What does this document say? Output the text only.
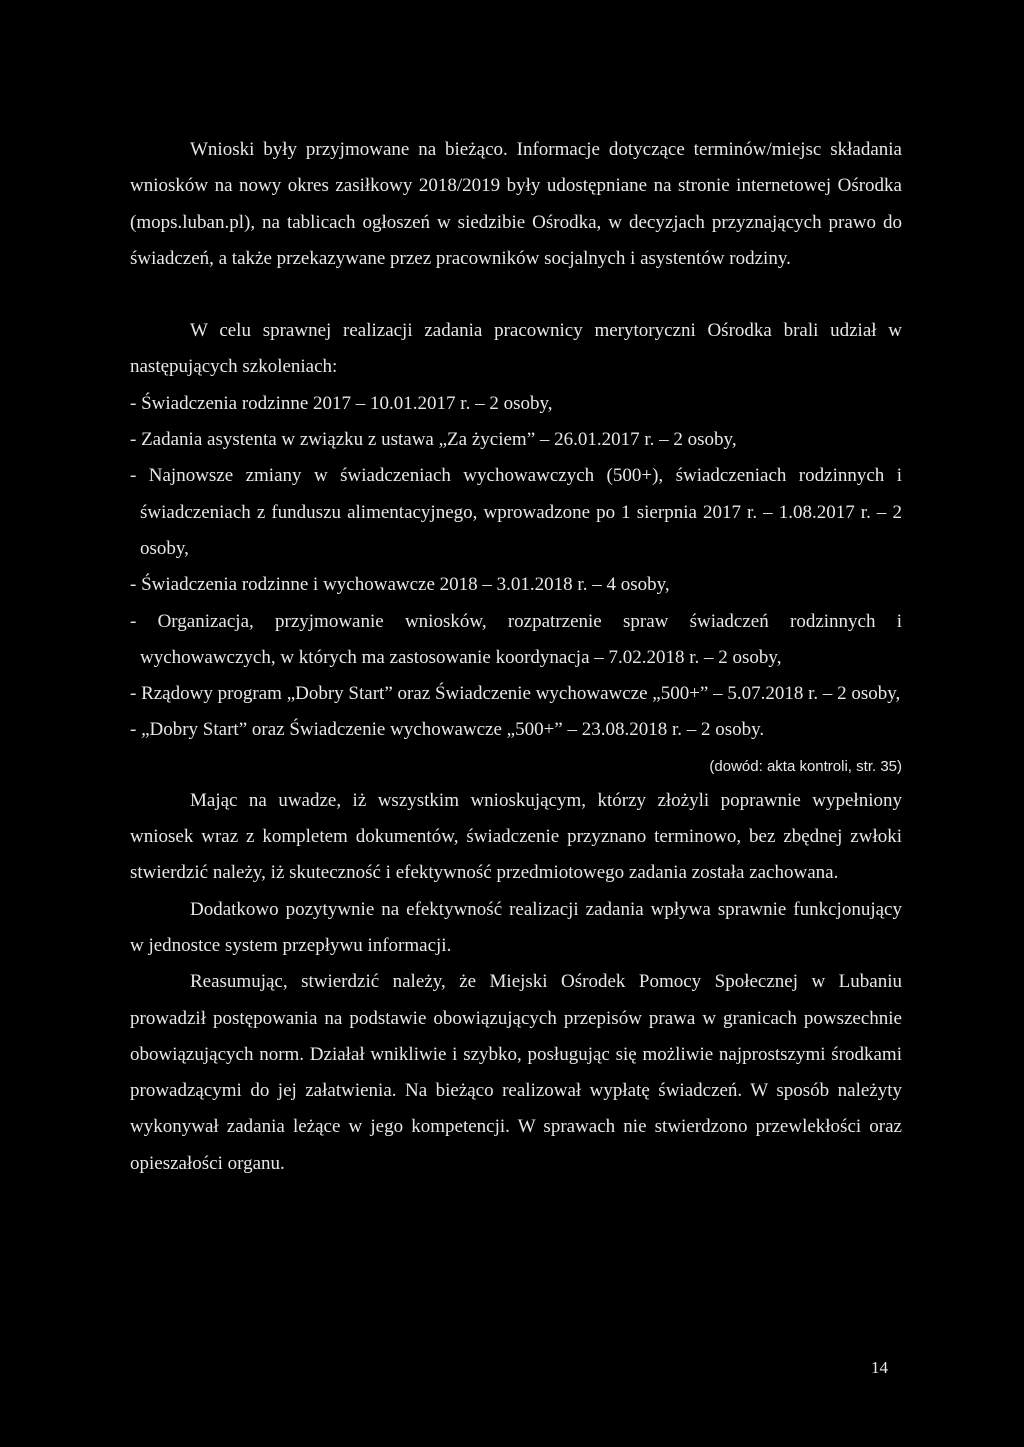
Wnioski były przyjmowane na bieżąco. Informacje dotyczące terminów/miejsc składania wniosków na nowy okres zasiłkowy 2018/2019 były udostępniane na stronie internetowej Ośrodka (mops.luban.pl), na tablicach ogłoszeń w siedzibie Ośrodka, w decyzjach przyznających prawo do świadczeń, a także przekazywane przez pracowników socjalnych i asystentów rodziny.

W celu sprawnej realizacji zadania pracownicy merytoryczni Ośrodka brali udział w następujących szkoleniach:

- Świadczenia rodzinne 2017 – 10.01.2017 r. – 2 osoby,
- Zadania asystenta w związku z ustawa „Za życiem” – 26.01.2017 r. – 2 osoby,
- Najnowsze zmiany w świadczeniach wychowawczych (500+), świadczeniach rodzinnych i świadczeniach z funduszu alimentacyjnego, wprowadzone po 1 sierpnia 2017 r. – 1.08.2017 r. – 2 osoby,
- Świadczenia rodzinne i wychowawcze 2018 – 3.01.2018 r. – 4 osoby,
- Organizacja, przyjmowanie wniosków, rozpatrzenie spraw świadczeń rodzinnych i wychowawczych, w których ma zastosowanie koordynacja – 7.02.2018 r. – 2 osoby,
- Rządowy program „Dobry Start” oraz Świadczenie wychowawcze „500+” – 5.07.2018 r. – 2 osoby,
- „Dobry Start” oraz Świadczenie wychowawcze „500+” – 23.08.2018 r. – 2 osoby.
(dowód: akta kontroli, str. 35)

Mając na uwadze, iż wszystkim wnioskującym, którzy złożyli poprawnie wypełniony wniosek wraz z kompletem dokumentów, świadczenie przyznano terminowo, bez zbędnej zwłoki stwierdzić należy, iż skuteczność i efektywność przedmiotowego zadania została zachowana.

Dodatkowo pozytywnie na efektywność realizacji zadania wpływa sprawnie funkcjonujący w jednostce system przepływu informacji.

Reasumując, stwierdzić należy, że Miejski Ośrodek Pomocy Społecznej w Lubaniu prowadził postępowania na podstawie obowiązujących przepisów prawa w granicach powszechnie obowiązujących norm. Działał wnikliwie i szybko, posługując się możliwie najprostszymi środkami prowadzącymi do jej załatwienia. Na bieżąco realizował wypłatę świadczeń. W sposób należyty wykonywał zadania leżące w jego kompetencji. W sprawach nie stwierdzono przewlekłości oraz opieszałości organu.

14
